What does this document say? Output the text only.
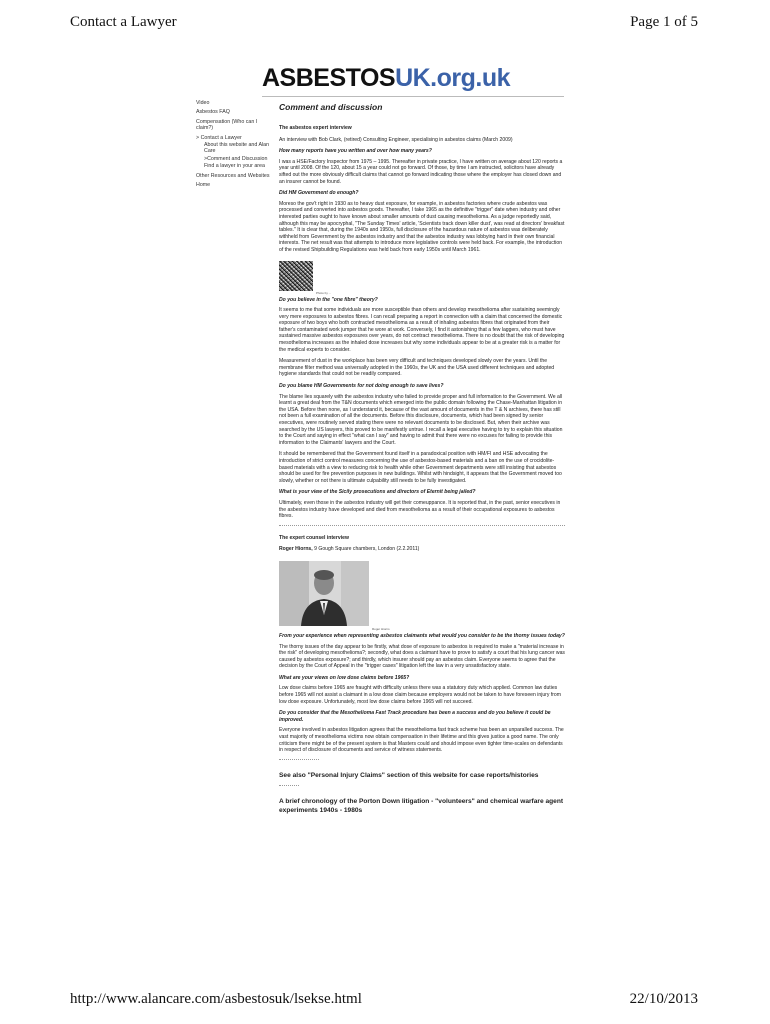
Contact a Lawyer	Page 1 of 5
ASBESTOSUK.org.uk
Video
Asbestos FAQ
Compensation (Who can I claim?)
> Contact a Lawyer
About this website and Alan Care
>Comment and Discussion
Find a lawyer in your area
Other Resources and Websites
Home
Comment and discussion

The asbestos expert interview

An interview with Bob Clark, (retired) Consulting Engineer, specialising in asbestos claims (March 2009)

How many reports have you written and over how many years?

I was a HSE/Factory Inspector from 1975 – 1995. Thereafter in private practice, I have written on average about 120 reports a year until 2008. Of the 120, about 15 a year could not go forward. Of those, by time I am instructed, solicitors have already sifted out the more obviously difficult claims that cannot go forward indicating those where the employer has closed down and an insurer cannot be found.

Did HM Government do enough?

Moreso the gov't right in 1930 as to heavy dust exposure, for example, in asbestos factories where crude asbestos was processed and converted into asbestos goods. Thereafter, I take 1965 as the definitive "trigger" date when industry and other interested parties ought to have known about smaller amounts of dust causing mesothelioma. As a judge reportedly said, although this may be apocryphal, "The Sunday Times' article, 'Scientists track down killer dust', was read at directors' breakfast tables." It is clear that, during the 1940s and 1950s, full disclosure of the hazardous nature of asbestos was deliberately withheld from Government by the asbestos industry and that the asbestos industry was lobbying hard in their own financial interests. The net result was that attempts to introduce more legislative controls were held back. For example, the introduction of the revised Shipbuilding Regulations was held back from early 1950s until March 1961.

Photo by ...

Do you believe in the "one fibre" theory?

It seems to me that some individuals are more susceptible than others and develop mesothelioma after sustaining seemingly very mere exposures to asbestos fibres. I can recall preparing a report in connection with a claim that concerned the domestic exposure of two boys who both contracted mesothelioma as a result of inhaling asbestos fibres that originated from their father's contaminated work jumper that he wore at work. Conversely, I find it astonishing that a few laggers, who must have sustained massive asbestos exposures over years, do not contract mesothelioma. There is no doubt that the risk of developing mesothelioma increases as the inhaled dose increases but why some individuals appear to be at a greater risk is a matter for the medical experts to consider.

Measurement of dust in the workplace has been very difficult and techniques developed slowly over the years. Until the membrane filter method was universally adopted in the 1960s, the UK and the USA used different techniques and adopted hygiene standards that could not be readily compared.

Do you blame HM Governments for not doing enough to save lives?

The blame lies squarely with the asbestos industry who failed to provide proper and full information to the Government. We all learnt a great deal from the T&N documents which emerged into the public domain following the Chase-Manhattan litigation in the USA. Before then none, as I understand it, because of the vast amount of documents in the T & N archives, there has still not been a full examination of all the documents. Before this disclosure, documents, which had been signed by senior executives, were routinely served stating there were no relevant documents to be disclosed. But, when their archive was searched by the US lawyers, this proved to be manifestly untrue. I recall a legal executive having to try to explain this situation to the Court and saying in effect "what can I say" and having to admit that there were no excuses for failing to provide this information to the Claimants' lawyers and the Court.

It should be remembered that the Government found itself in a paradoxical position with HM/FI and HSE advocating the introduction of strict control measures concerning the use of asbestos-based materials and a ban on the use of crocidolite-based materials with a view to reducing risk to health while other Government departments were still insisting that asbestos should be used for fire prevention purposes in new buildings. Whilst with hindsight, it appears that the Government moved too slowly, whether or not there is ultimate culpability still needs to be fully investigated.

What is your view of the Sicily prosecutions and directors of Eternit being jailed?

Ultimately, even those in the asbestos industry will get their comeuppance. It is reported that, in the past, senior executives in the asbestos industry have developed and died from mesothelioma as a result of their occupational exposures to asbestos fibres.

The expert counsel interview

Roger Hiorns, 9 Gough Square chambers, London (2.2.2011)

Roger Hiorns

From your experience when representing asbestos claimants what would you consider to be the thorny issues today?

The thorny issues of the day appear to be firstly, what dose of exposure to asbestos is required to make a "material increase in the risk" of developing mesothelioma?; secondly, what does a claimant have to prove to satisfy a court that his lung cancer was caused by asbestos exposure?; and thirdly, which insurer should pay an asbestos claim. Everyone seems to agree that the decision by the Court of Appeal in the "trigger cases" litigation left the law in a very unsatisfactory state.

What are your views on low dose claims before 1965?

Low dose claims before 1965 are fraught with difficulty unless there was a statutory duty which applied. Common law duties before 1965 will not assist a claimant in a low dose claim because employers would not be taken to have foreseen injury from low dose exposure. Unfortunately, most low dose claims before 1965 will not succeed.

Do you consider that the Mesothelioma Fast Track procedure has been a success and do you believe it could be improved.

Everyone involved in asbestos litigation agrees that the mesothelioma fast track scheme has been an unparalled success. The vast majority of mesothelioma victims now obtain compensation in their lifetime and this gives justice a good name. The only criticism there might be of the present system is that Masters could and should impose even tighter time-scales on defendants in respect of disclosure of documents and service of witness statements.

See also "Personal Injury Claims" section of this website for case reports/histories

A brief chronology of the Porton Down litigation - "volunteers" and chemical warfare agent experiments 1940s - 1980s

http://www.alancare.com/asbestosuk/lsekse.html	22/10/2013
